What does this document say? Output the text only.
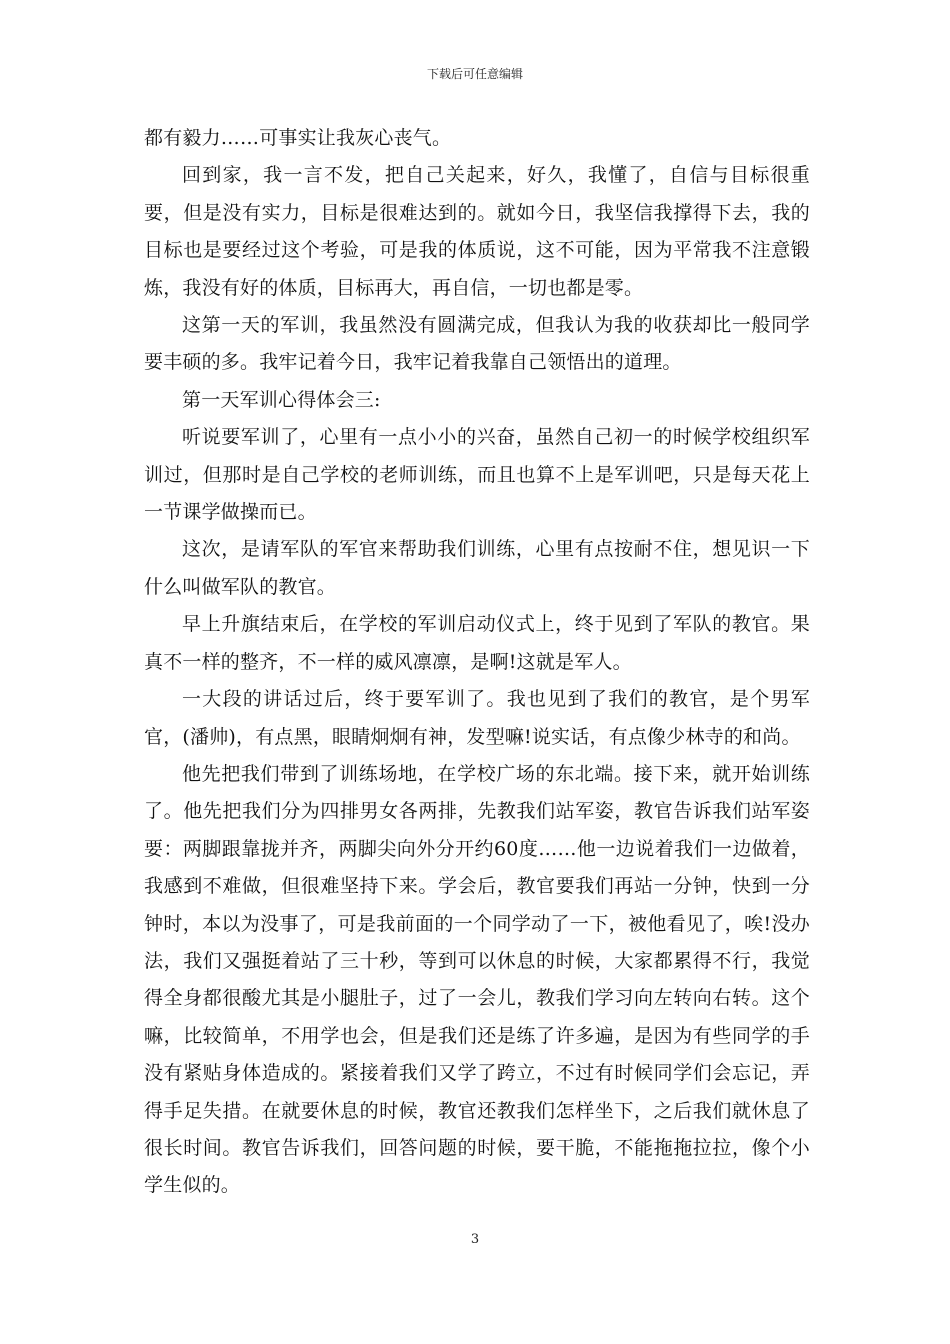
下载后可任意编辑

都有毅力……可事实让我灰心丧气。

回到家，我一言不发，把自己关起来，好久，我懂了，自信与目标很重要，但是没有实力，目标是很难达到的。就如今日，我坚信我撑得下去，我的目标也是要经过这个考验，可是我的体质说，这不可能，因为平常我不注意锻炼，我没有好的体质，目标再大，再自信，一切也都是零。

这第一天的军训，我虽然没有圆满完成，但我认为我的收获却比一般同学要丰硕的多。我牢记着今日，我牢记着我靠自己领悟出的道理。

第一天军训心得体会三:

听说要军训了，心里有一点小小的兴奋，虽然自己初一的时候学校组织军训过，但那时是自己学校的老师训练，而且也算不上是军训吧，只是每天花上一节课学做操而已。

这次，是请军队的军官来帮助我们训练，心里有点按耐不住，想见识一下什么叫做军队的教官。

早上升旗结束后，在学校的军训启动仪式上，终于见到了军队的教官。果真不一样的整齐，不一样的威风凛凛，是啊!这就是军人。

一大段的讲话过后，终于要军训了。我也见到了我们的教官，是个男军官，(潘帅)，有点黑，眼睛炯炯有神，发型嘛!说实话，有点像少林寺的和尚。

他先把我们带到了训练场地，在学校广场的东北端。接下来，就开始训练了。他先把我们分为四排男女各两排，先教我们站军姿，教官告诉我们站军姿要：两脚跟靠拢并齐，两脚尖向外分开约60度……他一边说着我们一边做着，我感到不难做，但很难坚持下来。学会后，教官要我们再站一分钟，快到一分钟时，本以为没事了，可是我前面的一个同学动了一下，被他看见了，唉!没办法，我们又强挺着站了三十秒，等到可以休息的时候，大家都累得不行，我觉得全身都很酸尤其是小腿肚子，过了一会儿，教我们学习向左转向右转。这个嘛，比较简单，不用学也会，但是我们还是练了许多遍，是因为有些同学的手没有紧贴身体造成的。紧接着我们又学了跨立，不过有时候同学们会忘记，弄得手足失措。在就要休息的时候，教官还教我们怎样坐下，之后我们就休息了很长时间。教官告诉我们，回答问题的时候，要干脆，不能拖拖拉拉，像个小学生似的。

3
